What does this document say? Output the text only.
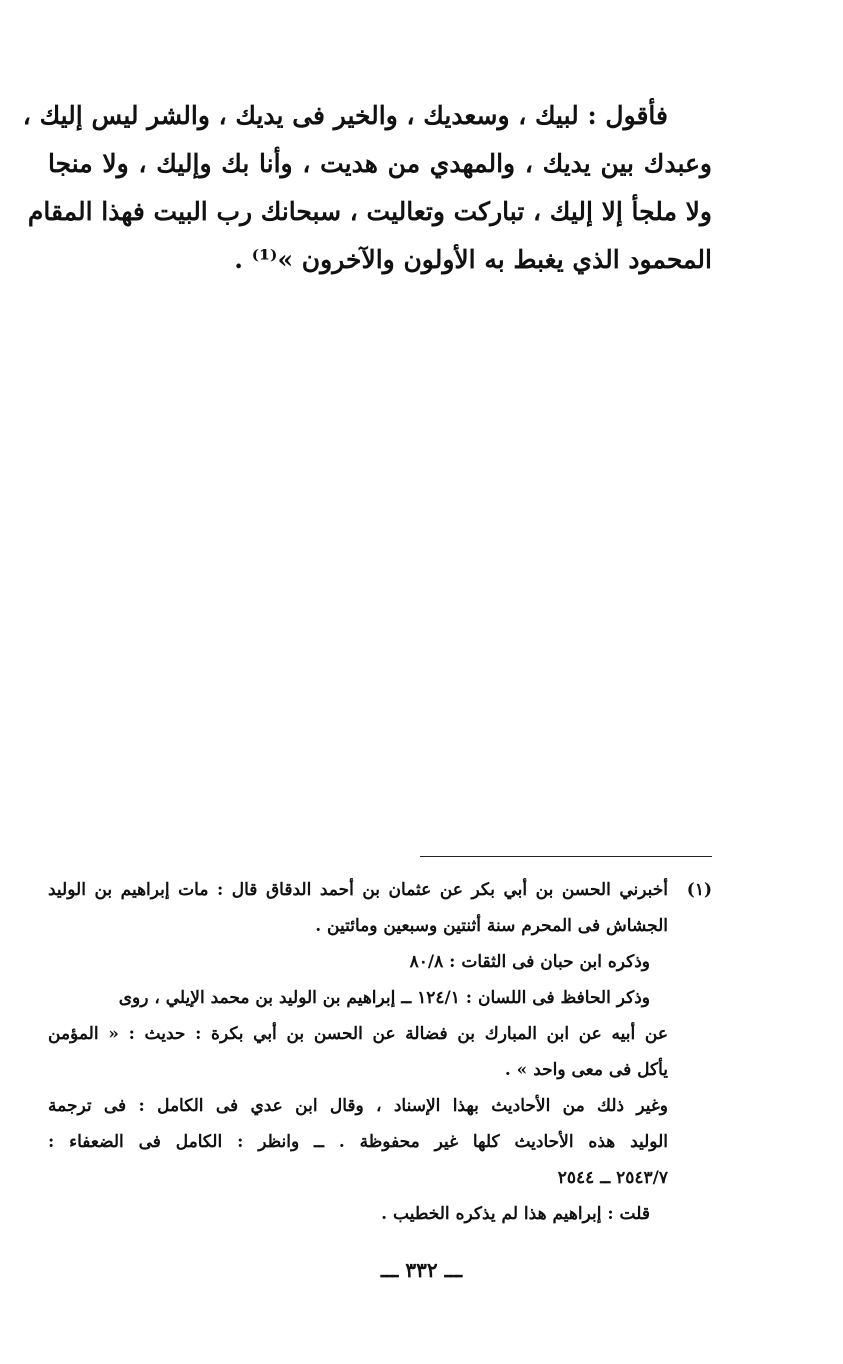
فأقول : لبيك ، وسعديك ، والخير فى يديك ، والشر ليس إليك ،
وعبدك بين يديك ، والمهدي من هديت ، وأنا بك وإليك ، ولا منجا
ولا ملجأ إلا إليك ، تباركت وتعاليت ، سبحانك رب البيت فهذا المقام
المحمود الذي يغبط به الأولون والآخرون »⁽¹⁾ .
(١)
أخبرني الحسن بن أبي بكر عن عثمان بن أحمد الدقاق قال : مات إبراهيم بن الوليد
الجشاش فى المحرم سنة أثنتين وسبعين ومائتين .
وذكره ابن حبان فى الثقات : ٨٠/٨
وذكر الحافظ فى اللسان : ١٢٤/١ ــ إبراهيم بن الوليد بن محمد الإيلي ، روى
عن أبيه عن ابن المبارك بن فضالة عن الحسن بن أبي بكرة : حديث : « المؤمن
يأكل فى معى واحد » .
وغير ذلك من الأحاديث بهذا الإسناد ، وقال ابن عدي فى الكامل : فى ترجمة
الوليد هذه الأحاديث كلها غير محفوظة . ــ وانظر : الكامل فى الضعفاء :
٢٥٤٣/٧ ــ ٢٥٤٤
قلت : إبراهيم هذا لم يذكره الخطيب .
ـــ ٣٣٢ ـــ
